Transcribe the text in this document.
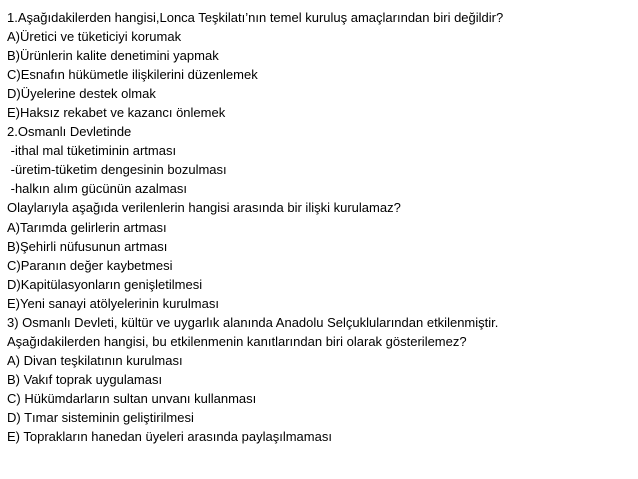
1.Aşağıdakilerden hangisi,Lonca Teşkilatı’nın temel kuruluş amaçlarından biri değildir?
A)Üretici ve tüketiciyi korumak
B)Ürünlerin kalite denetimini yapmak
C)Esnafın hükümetle ilişkilerini düzenlemek
D)Üyelerine destek olmak
E)Haksız rekabet ve kazancı önlemek
2.Osmanlı Devletinde
-ithal mal tüketiminin artması
-üretim-tüketim dengesinin bozulması
-halkın alım gücünün azalması
Olaylarıyla aşağıda verilenlerin hangisi arasında bir ilişki kurulamaz?
A)Tarımda gelirlerin artması
B)Şehirli nüfusunun artması
C)Paranın değer kaybetmesi
D)Kapitülasyonların genişletilmesi
E)Yeni sanayi atölyelerinin kurulması
3) Osmanlı Devleti, kültür ve uygarlık alanında Anadolu Selçuklularından etkilenmiştir.
Aşağıdakilerden hangisi, bu etkilenmenin kanıtlarından biri olarak gösterilemez?
A) Divan teşkilatının kurulması
B) Vakıf toprak uygulaması
C) Hükümdarların sultan unvanı kullanması
D) Tımar sisteminin geliştirilmesi
E) Toprakların hanedan üyeleri arasında paylaşılmaması
